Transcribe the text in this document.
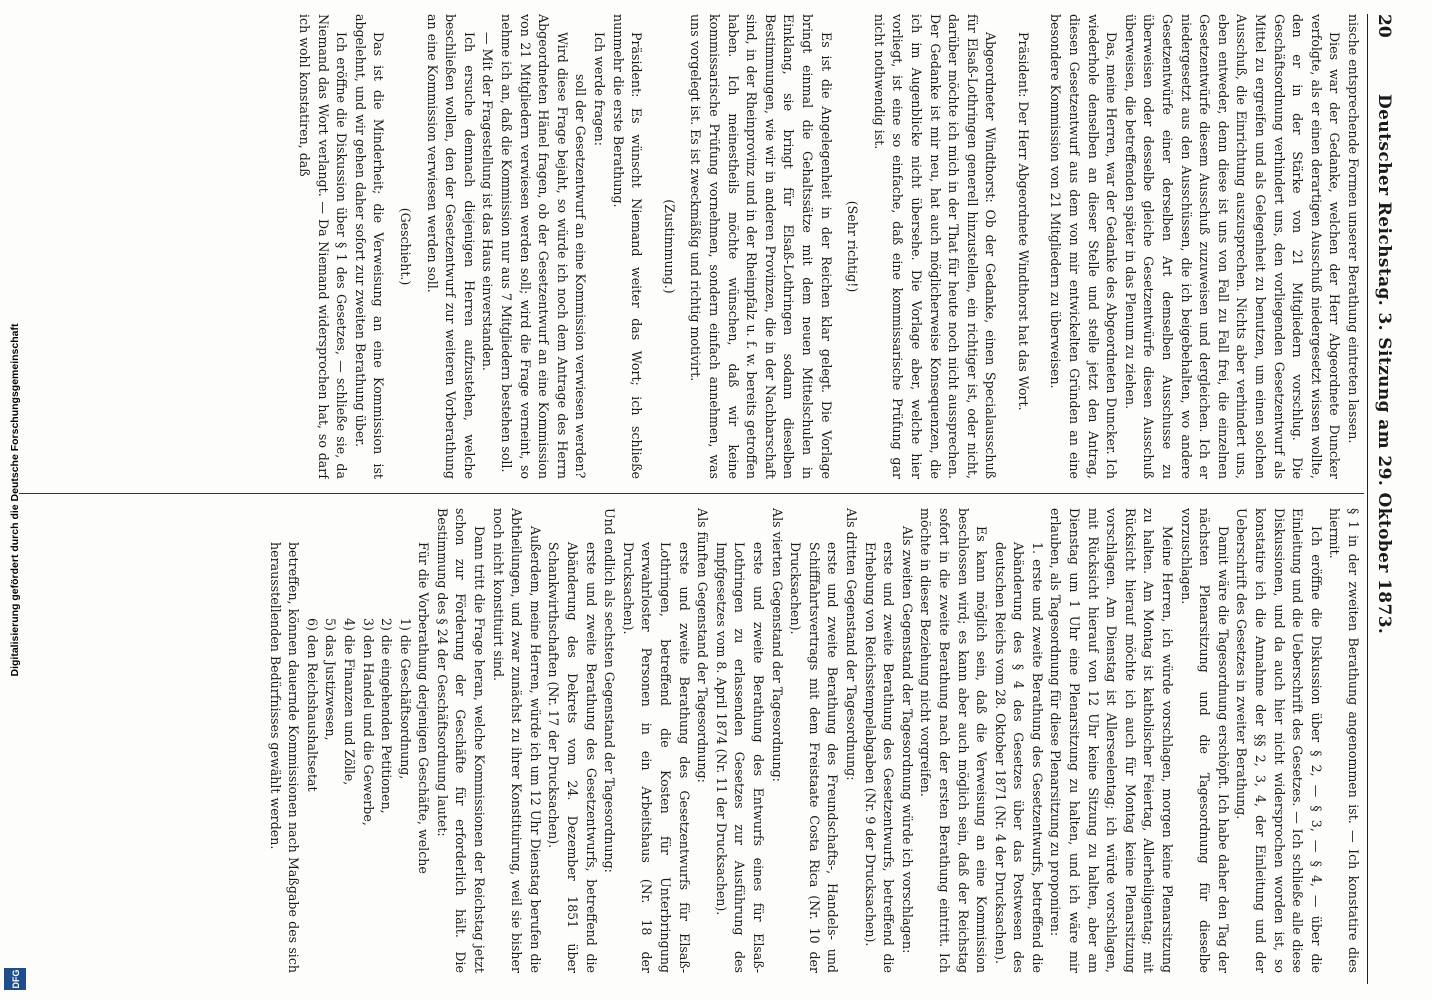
20
Deutscher Reichstag. 3. Sitzung am 29. Oktober 1873.

nische entsprechende Formen unserer Berathung eintreten lassen.

Dies war der Gedanke, welchen der Herr Abgeordnete Duncker verfolgte, als er einen derartigen Ausschuß niedergesetzt wissen wollte, den er in der Stärke von 21 Mitgliedern vorschlug. Die Geschäftsordnung verhindert uns, den vorliegenden Gesetzentwurf als Mittel zu ergreifen und als Gelegenheit zu benutzen, um einen solchen Ausschuß, die Einrichtung auszusprechen. Nichts aber verhindert uns, eben entweder, denn diese ist uns von Fall zu Fall frei, die einzelnen Gesetzentwürfe diesem Ausschuß zuzuweisen und dergleichen. Ich er niedergesetzt aus den Ausschüssen, die ich beigebehalten, wo andere Gesetzentwürfe einer derselben Art demselben Ausschusse zu überweisen oder desselbe gleiche Gesetzentwürfe diesen Ausschuß überweisen, die betreffenden später in das Plenum zu ziehen.

Das, meine Herren, war der Gedanke des Abgeordneten Duncker. Ich wiederhole denselben an dieser Stelle und stelle jetzt den Antrag, diesen Gesetzentwurf aus dem von mir entwickelten Gründen an eine besondere Kommission von 21 Mitgliedern zu überweisen.

Präsident: Der Herr Abgeordnete Windthorst hat das Wort.

Abgeordneter Windthorst: Ob der Gedanke, einen Specialausschuß für Elsaß-Lothringen generell hinzustellen, ein richtiger ist, oder nicht, darüber möchte ich mich in der That für heute noch nicht aussprechen. Der Gedanke ist mir neu, hat auch möglicherweise Konsequenzen, die ich im Augenblicke nicht übersehe. Die Vorlage aber, welche hier vorliegt, ist eine so einfache, daß eine kommissarische Prüfung gar nicht nothwendig ist.

(Sehr richtig!)

Es ist die Angelegenheit in der Reichen klar gelegt. Die Vorlage bringt einmal die Gehaltssätze mit dem neuen Mittelschulen in Einklang, sie bringt für Elsaß-Lothringen sodann dieselben Bestimmungen, wie wir in anderen Provinzen, die in der Nachbarschaft sind, in der Rheinprovinz und in der Rheinpfalz u. f. w. bereits getroffen haben. Ich meinestheils möchte wünschen, daß wir keine kommissarische Prüfung vornehmen, sondern einfach annehmen, was uns vorgelegt ist. Es ist zweckmäßig und richtig motivirt.

(Zustimmung.)

Präsident: Es wünscht Niemand weiter das Wort; ich schließe nunmehr die erste Berathung.

Ich werde fragen:

soll der Gesetzentwurf an eine Kommission verwiesen werden?

Wird diese Frage bejaht, so würde ich noch dem Antrage des Herrn Abgeordneten Hänel fragen, ob der Gesetzentwurf an eine Kommission von 21 Mitgliedern verwiesen werden soll; wird die Frage verneint, so nehme ich an, daß die Kommission nur aus 7 Mitgliedern bestehen soll.

— Mit der Fragestellung ist das Haus einverstanden.

Ich ersuche demnach diejenigen Herren aufzustehen, welche beschließen wollen, den der Gesetzentwurf zur weiteren Vorberathung an eine Kommission verwiesen werden soll.

(Geschieht.)

Das ist die Minderheit; die Verweisung an eine Kommission ist abgelehnt, und wir gehen daher sofort zur zweiten Berathung über.

Ich eröffne die Diskussion über § 1 des Gesetzes, — schließe sie, da Niemand das Wort verlangt. — Da Niemand widersprochen hat, so darf ich wohl konstatiren, daß

§ 1 in der zweiten Berathung angenommen ist. — Ich konstatire dies hiermit.

Ich eröffne die Diskussion über § 2, — § 3, — § 4, — über die Einleitung und die Ueberschrift des Gesetzes. — Ich schließe alle diese Diskussionen, und da auch hier nicht widersprochen worden ist, so konstatire ich die Annahme der §§ 2, 3, 4, der Einleitung und der Ueberschrift des Gesetzes in zweiter Berathung.

Damit wäre die Tagesordnung erschöpft. Ich habe daher den Tag der nächsten Plenarsitzung und die Tagesordnung für dieselbe vorzuschlagen.

Meine Herren, ich würde vorschlagen, morgen keine Plenarsitzung zu halten. Am Montag ist katholischer Feiertag, Allerheiligentag; mit Rücksicht hierauf möchte ich auch für Montag keine Plenarsitzung vorschlagen. Am Dienstag ist Allerseelentag; ich würde vorschlagen, mit Rücksicht hierauf von 12 Uhr keine Sitzung zu halten, aber am Dienstag um 1 Uhr eine Plenarsitzung zu halten, und ich wäre mir erlauben, als Tagesordnung für diese Plenarsitzung zu proponiren:

1. erste und zweite Berathung des Gesetzentwurfs, betreffend die Abänderung des § 4 des Gesetzes über das Postwesen des deutschen Reichs vom 28. Oktober 1871 (Nr. 4 der Drucksachen).

Es kann möglich sein, daß die Verweisung an eine Kommission beschlossen wird; es kann aber auch möglich sein, daß der Reichstag sofort in die zweite Berathung nach der ersten Berathung eintritt. Ich möchte in dieser Beziehung nicht vorgreifen.

Als zweiten Gegenstand der Tagesordnung würde ich vorschlagen:

erste und zweite Berathung des Gesetzentwurfs, betreffend die Erhebung von Reichsstempelabgaben (Nr. 9 der Drucksachen).

Als dritten Gegenstand der Tagesordnung:

erste und zweite Berathung des Freundschafts-, Handels- und Schifffahrtsvertrags mit dem Freistaate Costa Rica (Nr. 10 der Drucksachen).

Als vierten Gegenstand der Tagesordnung:

erste und zweite Berathung des Entwurfs eines für Elsaß-Lothringen zu erlassenden Gesetzes zur Ausführung des Impfgesetzes vom 8. April 1874 (Nr. 11 der Drucksachen).

Als fünften Gegenstand der Tagesordnung:

erste und zweite Berathung des Gesetzentwurfs für Elsaß-Lothringen, betreffend die Kosten für Unterbringung verwahrloster Personen in ein Arbeitshaus (Nr. 18 der Drucksachen).

Und endlich als sechsten Gegenstand der Tagesordnung:

erste und zweite Berathung des Gesetzentwurfs, betreffend die Abänderung des Dekrets vom 24. Dezember 1851 über Schankwirthschaften (Nr. 17 der Drucksachen).

Außerdem, meine Herren, würde ich um 12 Uhr Dienstag berufen die Abtheilungen, und zwar zunächst zu ihrer Konstituirung, weil sie bisher noch nicht konstituirt sind.

Dann tritt die Frage heran, welche Kommissionen der Reichstag jetzt schon zur Förderung der Geschäfte für erforderlich hält. Die Bestimmung des § 24 der Geschäftsordnung lautet:

Für die Vorberathung derjenigen Geschäfte, welche

1) die Geschäftsordnung,

2) die eingehenden Petitionen,

3) den Handel und die Gewerbe,

4) die Finanzen und Zölle,

5) das Justizwesen,

6) den Reichshaushaltsetat

betreffen, können dauernde Kommissionen nach Maßgabe des sich herausstellenden Bedürfnisses gewählt werden.

Digitalisierung gefördert durch die Deutsche Forschungsgemeinschaft
DFG
